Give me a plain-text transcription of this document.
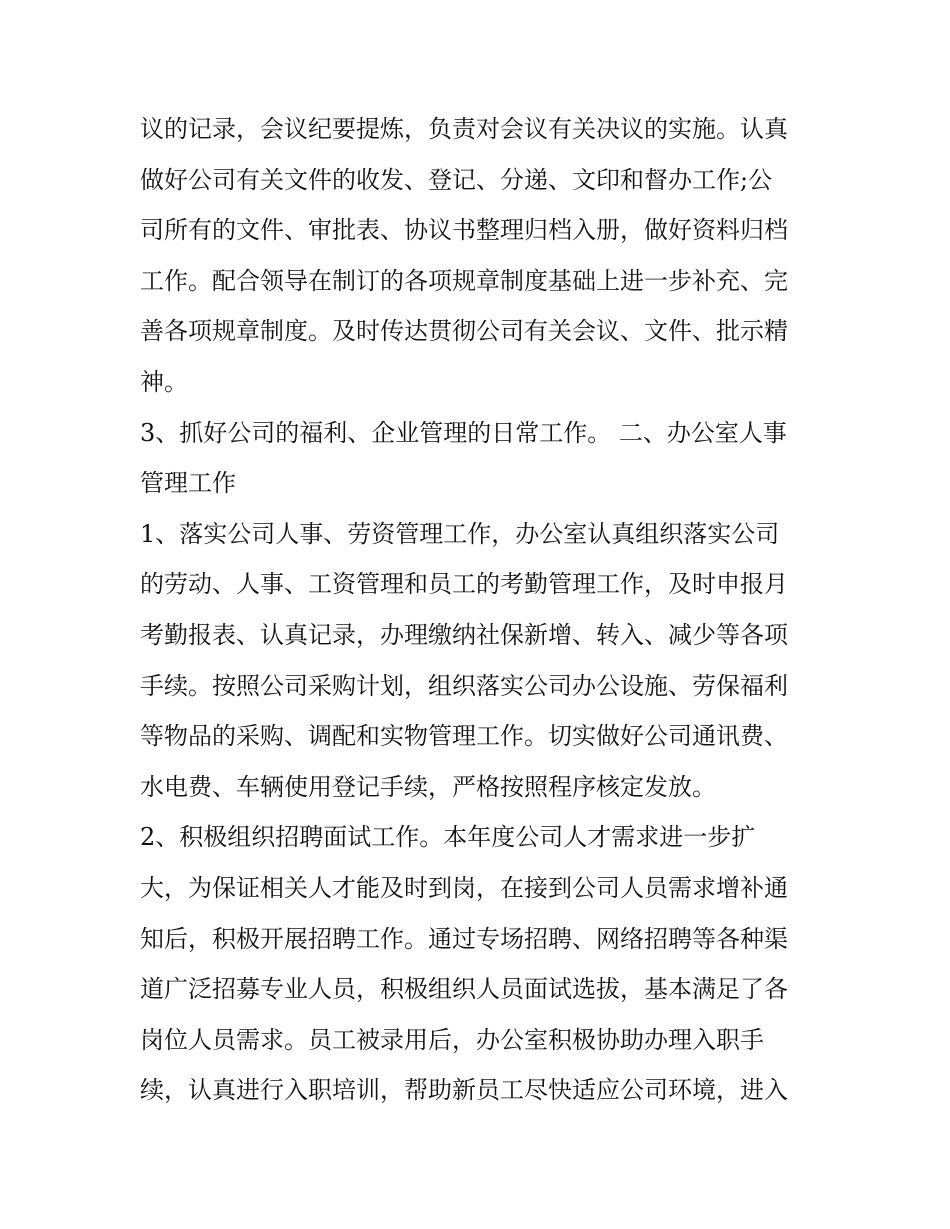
议的记录，会议纪要提炼，负责对会议有关决议的实施。认真
做好公司有关文件的收发、登记、分递、文印和督办工作;公
司所有的文件、审批表、协议书整理归档入册，做好资料归档
工作。配合领导在制订的各项规章制度基础上进一步补充、完
善各项规章制度。及时传达贯彻公司有关会议、文件、批示精
神。
3、抓好公司的福利、企业管理的日常工作。 二、办公室人事
管理工作
1、落实公司人事、劳资管理工作，办公室认真组织落实公司
的劳动、人事、工资管理和员工的考勤管理工作，及时申报月
考勤报表、认真记录，办理缴纳社保新增、转入、减少等各项
手续。按照公司采购计划，组织落实公司办公设施、劳保福利
等物品的采购、调配和实物管理工作。切实做好公司通讯费、
水电费、车辆使用登记手续，严格按照程序核定发放。
2、积极组织招聘面试工作。本年度公司人才需求进一步扩
大，为保证相关人才能及时到岗，在接到公司人员需求增补通
知后，积极开展招聘工作。通过专场招聘、网络招聘等各种渠
道广泛招募专业人员，积极组织人员面试选拔，基本满足了各
岗位人员需求。员工被录用后，办公室积极协助办理入职手
续，认真进行入职培训，帮助新员工尽快适应公司环境，进入
